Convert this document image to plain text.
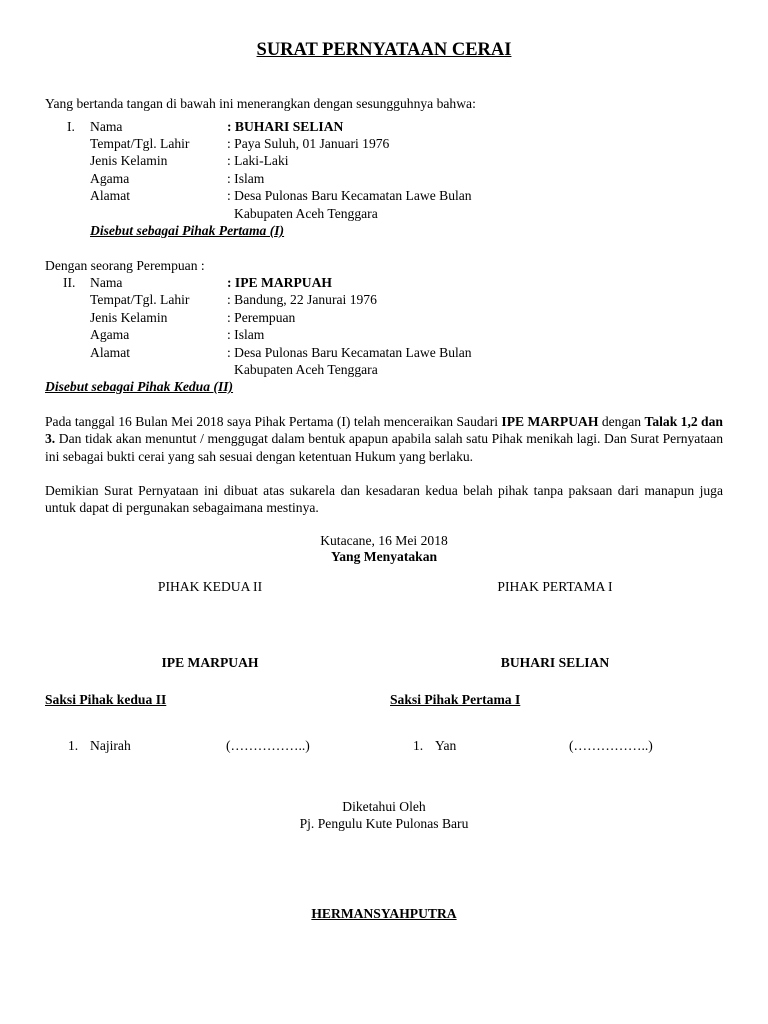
SURAT PERNYATAAN CERAI
Yang bertanda tangan di bawah ini menerangkan dengan sesungguhnya bahwa:
I. Nama	: BUHARI SELIAN
Tempat/Tgl. Lahir	: Paya Suluh, 01 Januari 1976
Jenis Kelamin	: Laki-Laki
Agama	: Islam
Alamat	: Desa Pulonas Baru Kecamatan Lawe Bulan
Kabupaten Aceh Tenggara
Disebut sebagai Pihak Pertama (I)
Dengan seorang Perempuan :
II. Nama	: IPE MARPUAH
Tempat/Tgl. Lahir	: Bandung, 22 Janurai 1976
Jenis Kelamin	: Perempuan
Agama	: Islam
Alamat	: Desa Pulonas Baru Kecamatan Lawe Bulan
Kabupaten Aceh Tenggara
Disebut sebagai Pihak Kedua (II)
Pada tanggal 16 Bulan Mei 2018 saya Pihak Pertama (I) telah menceraikan Saudari IPE MARPUAH dengan Talak 1,2 dan 3. Dan tidak akan menuntut / menggugat dalam bentuk apapun apabila salah satu Pihak menikah lagi. Dan Surat Pernyataan ini sebagai bukti cerai yang sah sesuai dengan ketentuan Hukum yang berlaku.
Demikian Surat Pernyataan ini dibuat atas sukarela dan kesadaran kedua belah pihak tanpa paksaan dari manapun juga untuk dapat di pergunakan sebagaimana mestinya.
Kutacane, 16 Mei 2018
Yang Menyatakan
PIHAK KEDUA II	PIHAK PERTAMA I
IPE MARPUAH	BUHARI SELIAN
Saksi Pihak kedua II	Saksi Pihak Pertama I
1. Najirah	(……………..)	1. Yan	(……………..)
Diketahui Oleh
Pj. Pengulu Kute Pulonas Baru
HERMANSYAHPUTRA
